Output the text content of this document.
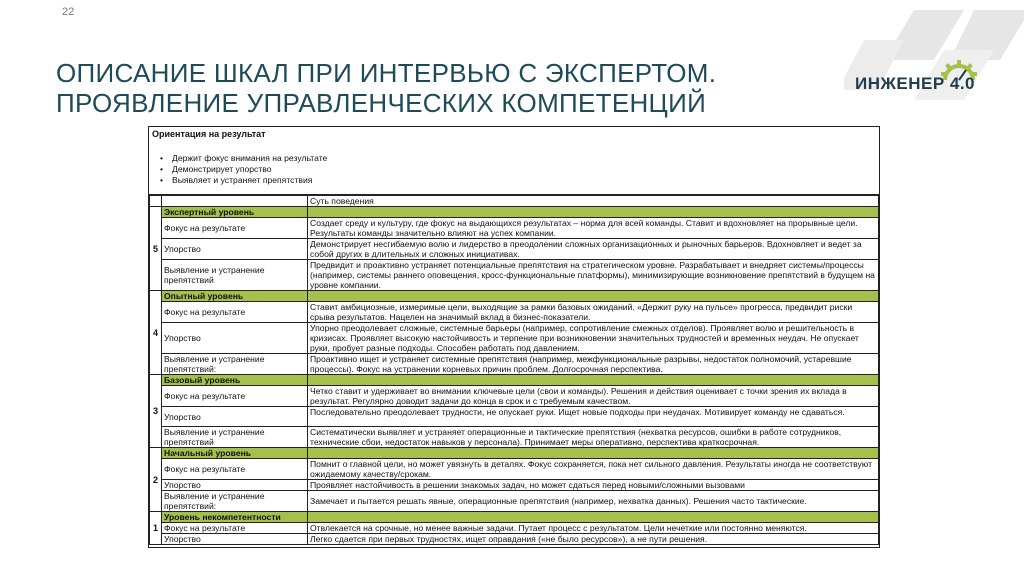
22
ОПИСАНИЕ ШКАЛ ПРИ ИНТЕРВЬЮ С ЭКСПЕРТОМ.
ПРОЯВЛЕНИЕ УПРАВЛЕНЧЕСКИХ КОМПЕТЕНЦИЙ
ИНЖЕНЕР 4.0
Ориентация на результат
• Держит фокус внимания на результате
• Демонстрирует упорство
• Выявляет и устраняет препятствия
		Суть поведения
5	Экспертный уровень	
	Фокус на результате	Создает среду и культуру, где фокус на выдающихся результатах – норма для всей команды. Ставит и вдохновляет на прорывные цели. Результаты команды значительно влияют на успех компании.
	Упорство	Демонстрирует несгибаемую волю и лидерство в преодолении сложных организационных и рыночных барьеров. Вдохновляет и ведет за собой других в длительных и сложных инициативах.
	Выявление и устранение препятствий	Предвидит и проактивно устраняет потенциальные препятствия на стратегическом уровне. Разрабатывает и внедряет системы/процессы (например, системы раннего оповещения, кросс-функциональные платформы), минимизирующие возникновение препятствий в будущем на уровне компании.
4	Опытный уровень	
	Фокус на результате	Ставит амбициозные, измеримые цели, выходящие за рамки базовых ожиданий. «Держит руку на пульсе» прогресса, предвидит риски срыва результатов. Нацелен на значимый вклад в бизнес-показатели.
	Упорство	Упорно преодолевает сложные, системные барьеры (например, сопротивление смежных отделов). Проявляет волю и решительность в кризисах. Проявляет высокую настойчивость и терпение при возникновении значительных трудностей и временных неудач. Не опускает руки, пробует разные подходы. Способен работать под давлением.
	Выявление и устранение препятствий:	Проактивно ищет и устраняет системные препятствия (например, межфункциональные разрывы, недостаток полномочий, устаревшие процессы). Фокус на устранении корневых причин проблем. Долгосрочная перспектива.
3	Базовый уровень	
	Фокус на результате	Четко ставит и удерживает во внимании ключевые цели (свои и команды). Решения и действия оценивает с точки зрения их вклада в результат. Регулярно доводит задачи до конца в срок и с требуемым качеством.
	Упорство	Последовательно преодолевает трудности, не опускает руки. Ищет новые подходы при неудачах. Мотивирует команду не сдаваться.
	Выявление и устранение препятствий	Систематически выявляет и устраняет операционные и тактические препятствия (нехватка ресурсов, ошибки в работе сотрудников, технические сбои, недостаток навыков у персонала). Принимает меры оперативно, перспектива краткосрочная.
2	Начальный уровень	
	Фокус на результате	Помнит о главной цели, но может увязнуть в деталях. Фокус сохраняется, пока нет сильного давления. Результаты иногда не соответствуют ожидаемому качеству/срокам.
	Упорство	Проявляет настойчивость в решении знакомых задач, но может сдаться перед новыми/сложными вызовами
	Выявление и устранение препятствий:	Замечает и пытается решать явные, операционные препятствия (например, нехватка данных). Решения часто тактические.
1	Уровень некомпетентности	
	Фокус на результате	Отвлекается на срочные, но менее важные задачи. Путает процесс с результатом. Цели нечеткие или постоянно меняются.
	Упорство	Легко сдается при первых трудностях, ищет оправдания («не было ресурсов»), а не пути решения.
